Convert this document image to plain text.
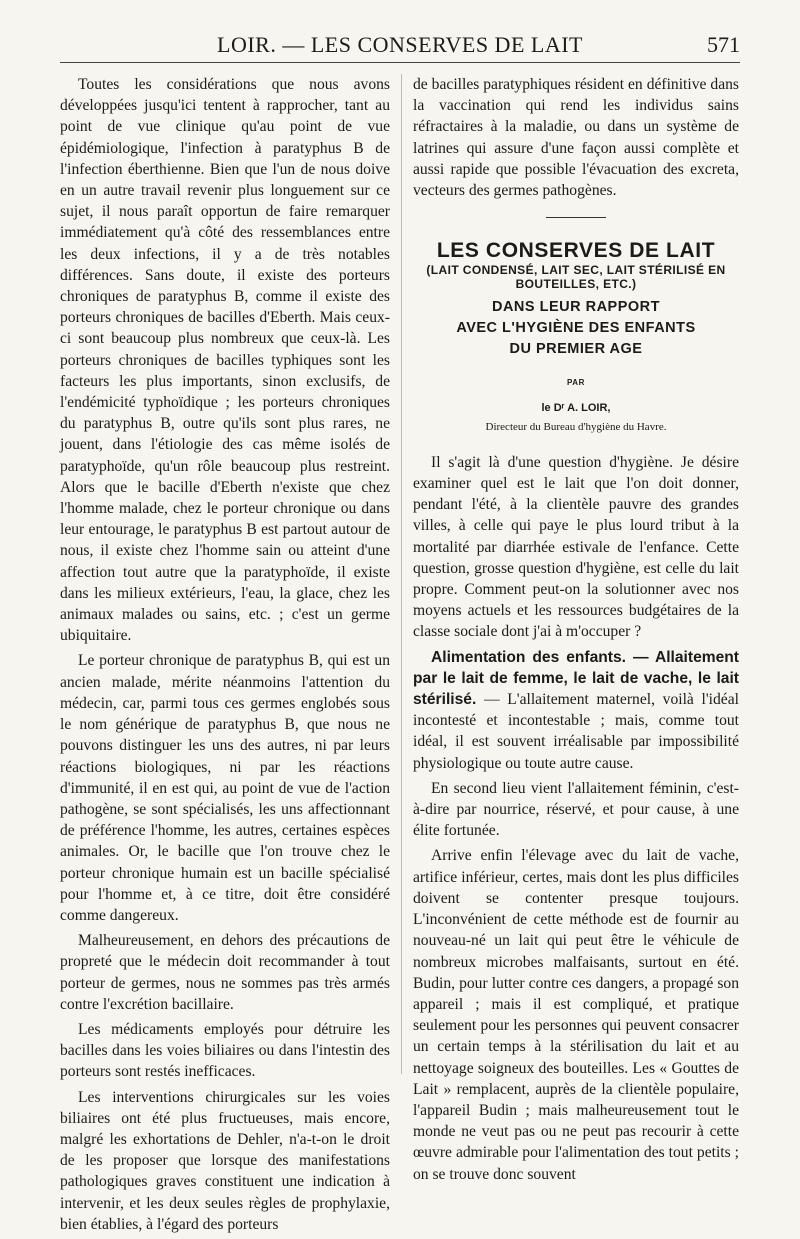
LOIR. — LES CONSERVES DE LAIT	571

Toutes les considérations que nous avons développées jusqu'ici tentent à rapprocher, tant au point de vue clinique qu'au point de vue épidémiologique, l'infection à paratyphus B de l'infection éberthienne. Bien que l'un de nous doive en un autre travail revenir plus longuement sur ce sujet, il nous paraît opportun de faire remarquer immédiatement qu'à côté des ressemblances entre les deux infections, il y a de très notables différences. Sans doute, il existe des porteurs chroniques de paratyphus B, comme il existe des porteurs chroniques de bacilles d'Eberth. Mais ceux-ci sont beaucoup plus nombreux que ceux-là. Les porteurs chroniques de bacilles typhiques sont les facteurs les plus importants, sinon exclusifs, de l'endémicité typhoïdique ; les porteurs chroniques du paratyphus B, outre qu'ils sont plus rares, ne jouent, dans l'étiologie des cas même isolés de paratyphoïde, qu'un rôle beaucoup plus restreint. Alors que le bacille d'Eberth n'existe que chez l'homme malade, chez le porteur chronique ou dans leur entourage, le paratyphus B est partout autour de nous, il existe chez l'homme sain ou atteint d'une affection tout autre que la paratyphoïde, il existe dans les milieux extérieurs, l'eau, la glace, chez les animaux malades ou sains, etc. ; c'est un germe ubiquitaire.

Le porteur chronique de paratyphus B, qui est un ancien malade, mérite néanmoins l'attention du médecin, car, parmi tous ces germes englobés sous le nom générique de paratyphus B, que nous ne pouvons distinguer les uns des autres, ni par leurs réactions biologiques, ni par les réactions d'immunité, il en est qui, au point de vue de l'action pathogène, se sont spécialisés, les uns affectionnant de préférence l'homme, les autres, certaines espèces animales. Or, le bacille que l'on trouve chez le porteur chronique humain est un bacille spécialisé pour l'homme et, à ce titre, doit être considéré comme dangereux.

Malheureusement, en dehors des précautions de propreté que le médecin doit recommander à tout porteur de germes, nous ne sommes pas très armés contre l'excrétion bacillaire.

Les médicaments employés pour détruire les bacilles dans les voies biliaires ou dans l'intestin des porteurs sont restés inefficaces.

Les interventions chirurgicales sur les voies biliaires ont été plus fructueuses, mais encore, malgré les exhortations de Dehler, n'a-t-on le droit de les proposer que lorsque des manifestations pathologiques graves constituent une indication à intervenir, et les deux seules règles de prophylaxie, bien établies, à l'égard des porteurs

de bacilles paratyphiques résident en définitive dans la vaccination qui rend les individus sains réfractaires à la maladie, ou dans un système de latrines qui assure d'une façon aussi complète et aussi rapide que possible l'évacuation des excreta, vecteurs des germes pathogènes.

LES CONSERVES DE LAIT
(LAIT CONDENSÉ, LAIT SEC, LAIT STÉRILISÉ EN BOUTEILLES, ETC.)
DANS LEUR RAPPORT
AVEC L'HYGIÈNE DES ENFANTS
DU PREMIER AGE
PAR
le Dʳ A. LOIR,
Directeur du Bureau d'hygiène du Havre.

Il s'agit là d'une question d'hygiène. Je désire examiner quel est le lait que l'on doit donner, pendant l'été, à la clientèle pauvre des grandes villes, à celle qui paye le plus lourd tribut à la mortalité par diarrhée estivale de l'enfance. Cette question, grosse question d'hygiène, est celle du lait propre. Comment peut-on la solutionner avec nos moyens actuels et les ressources budgétaires de la classe sociale dont j'ai à m'occuper ?

Alimentation des enfants. — Allaitement par le lait de femme, le lait de vache, le lait stérilisé. — L'allaitement maternel, voilà l'idéal incontesté et incontestable ; mais, comme tout idéal, il est souvent irréalisable par impossibilité physiologique ou toute autre cause.

En second lieu vient l'allaitement féminin, c'est-à-dire par nourrice, réservé, et pour cause, à une élite fortunée.

Arrive enfin l'élevage avec du lait de vache, artifice inférieur, certes, mais dont les plus difficiles doivent se contenter presque toujours. L'inconvénient de cette méthode est de fournir au nouveau-né un lait qui peut être le véhicule de nombreux microbes malfaisants, surtout en été. Budin, pour lutter contre ces dangers, a propagé son appareil ; mais il est compliqué, et pratique seulement pour les personnes qui peuvent consacrer un certain temps à la stérilisation du lait et au nettoyage soigneux des bouteilles. Les « Gouttes de Lait » remplacent, auprès de la clientèle populaire, l'appareil Budin ; mais malheureusement tout le monde ne veut pas ou ne peut pas recourir à cette œuvre admirable pour l'alimentation des tout petits ; on se trouve donc souvent
